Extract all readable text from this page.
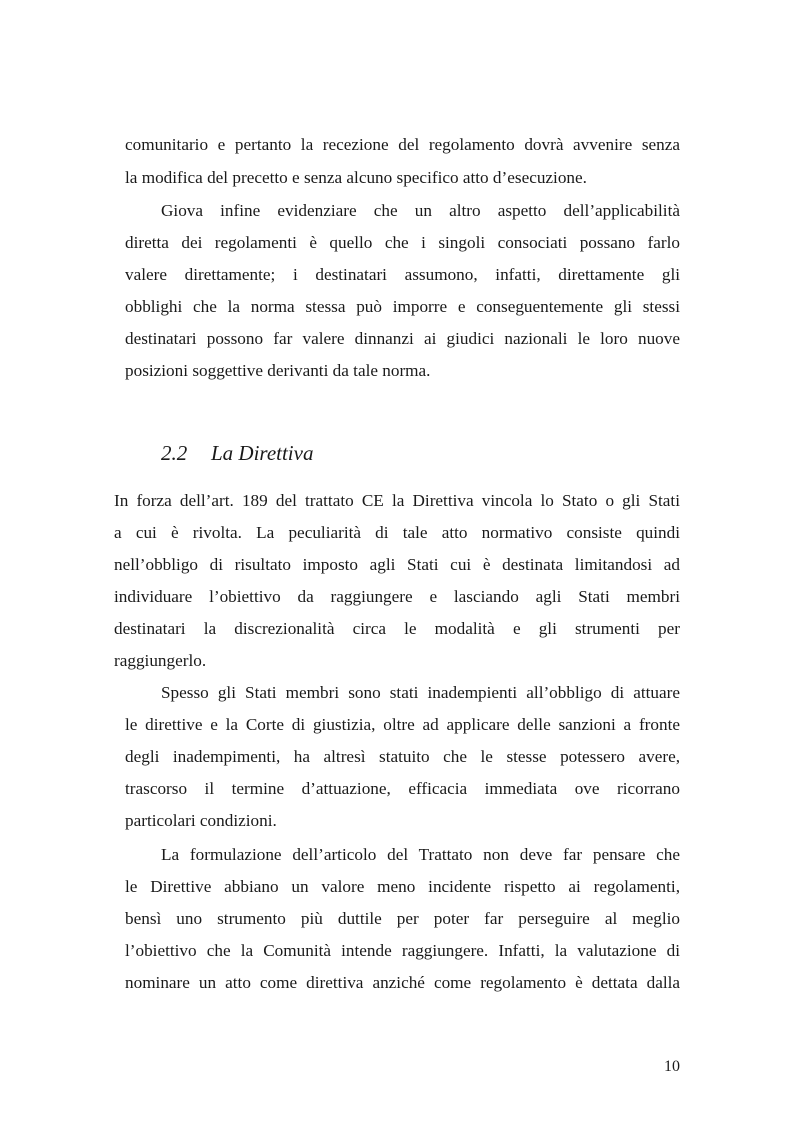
comunitario e pertanto la recezione del regolamento dovrà avvenire senza
la modifica del precetto e senza alcuno specifico atto d’esecuzione.
Giova infine evidenziare che un altro aspetto dell’applicabilità
diretta dei regolamenti è quello che i singoli consociati possano farlo
valere direttamente; i destinatari assumono, infatti, direttamente gli
obblighi che la norma stessa può imporre e conseguentemente gli stessi
destinatari possono far valere dinnanzi ai giudici nazionali le loro nuove
posizioni soggettive derivanti da tale norma.
2.2 La Direttiva
In forza dell’art. 189 del trattato CE la Direttiva vincola lo Stato o gli Stati
a cui è rivolta. La peculiarità di tale atto normativo consiste quindi
nell’obbligo di risultato imposto agli Stati cui è destinata limitandosi ad
individuare l’obiettivo da raggiungere e lasciando agli Stati membri
destinatari la discrezionalità circa le modalità e gli strumenti per
raggiungerlo.
Spesso gli Stati membri sono stati inadempienti all’obbligo di attuare
le direttive e la Corte di giustizia, oltre ad applicare delle sanzioni a fronte
degli inadempimenti, ha altresì statuito che le stesse potessero avere,
trascorso il termine d’attuazione, efficacia immediata ove ricorrano
particolari condizioni.
La formulazione dell’articolo del Trattato non deve far pensare che
le Direttive abbiano un valore meno incidente rispetto ai regolamenti,
bensì uno strumento più duttile per poter far perseguire al meglio
l’obiettivo che la Comunità intende raggiungere. Infatti, la valutazione di
nominare un atto come direttiva anziché come regolamento è dettata dalla
10
